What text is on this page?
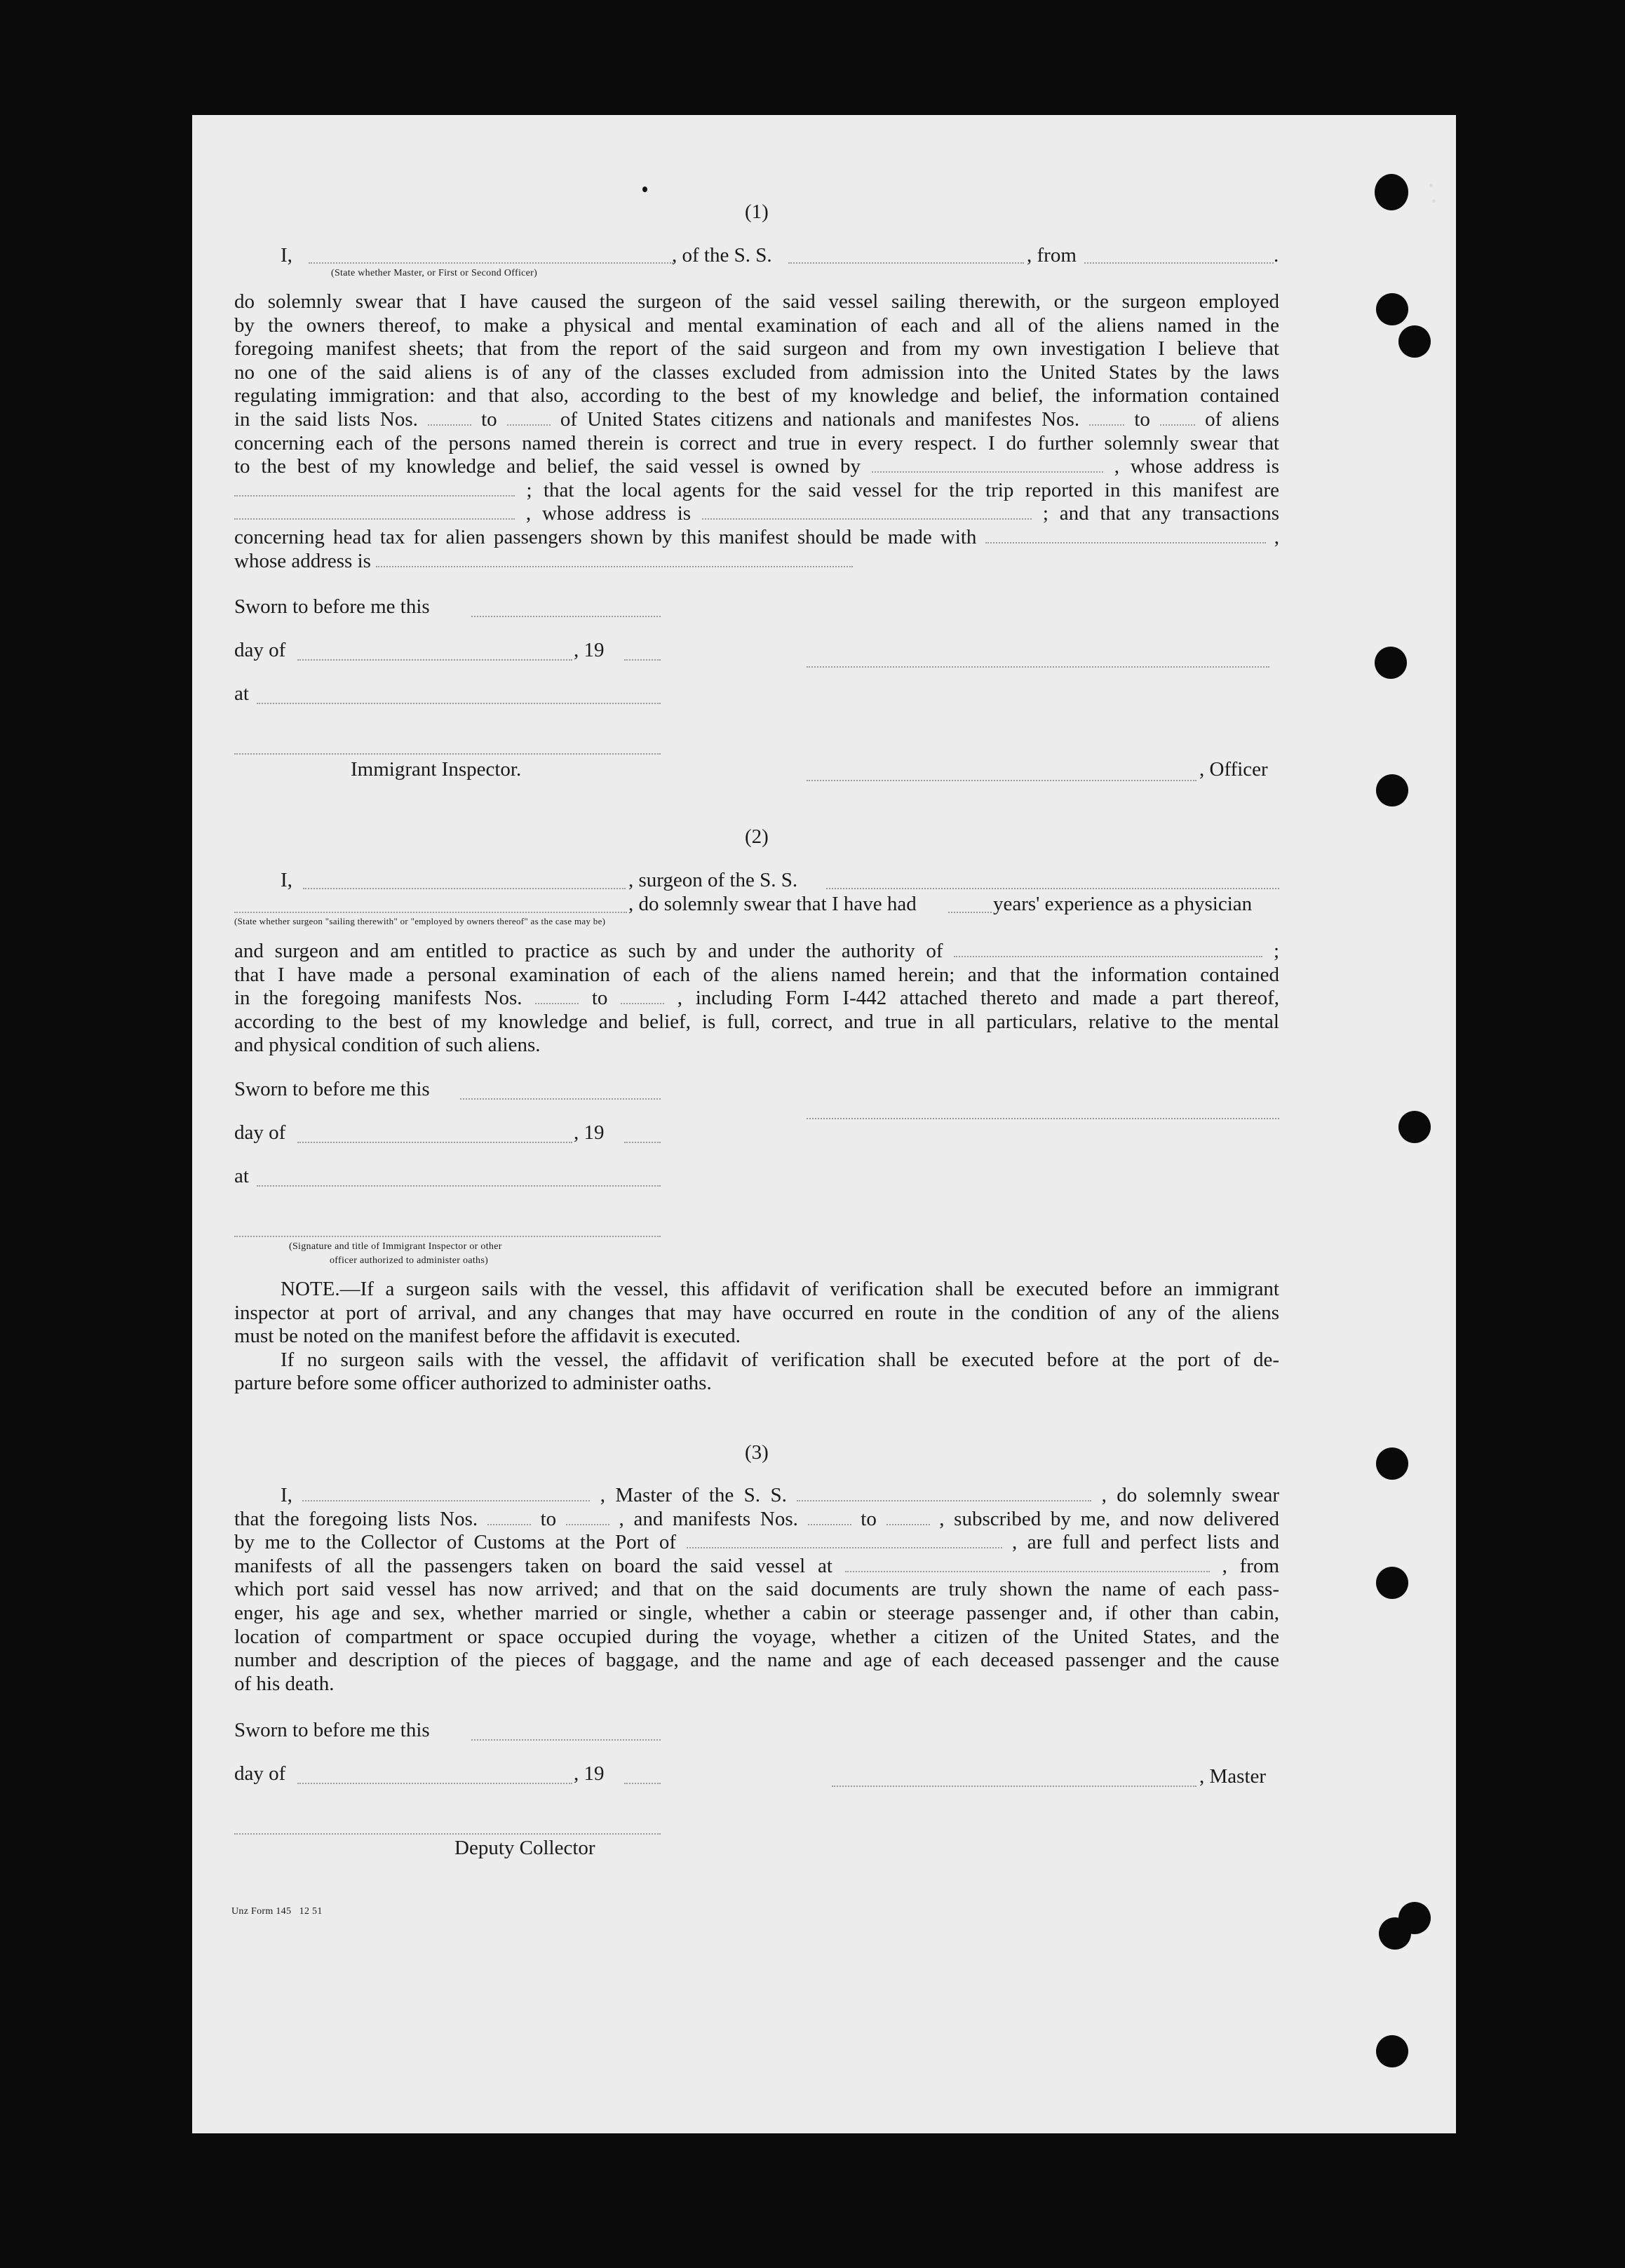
(1)
I,	, of the S. S.	, from	.
(State whether Master, or First or Second Officer)
do solemnly swear that I have caused the surgeon of the said vessel sailing therewith, or the surgeon employed
by the owners thereof, to make a physical and mental examination of each and all of the aliens named in the
foregoing manifest sheets; that from the report of the said surgeon and from my own investigation I believe that
no one of the said aliens is of any of the classes excluded from admission into the United States by the laws
regulating immigration: and that also, according to the best of my knowledge and belief, the information contained
in the said lists Nos.	to	of United States citizens and nationals and manifestes Nos.	to	of aliens
concerning each of the persons named therein is correct and true in every respect. I do further solemnly swear that
to the best of my knowledge and belief, the said vessel is owned by	, whose address is
; that the local agents for the said vessel for the trip reported in this manifest are
, whose address is	; and that any transactions
concerning head tax for alien passengers shown by this manifest should be made with	,
whose address is
Sworn to before me this
day of	, 19
at
Immigrant Inspector.	, Officer
(2)
I,	, surgeon of the S. S.
, do solemnly swear that I have had	years' experience as a physician
(State whether surgeon "sailing therewith" or "employed by owners thereof" as the case may be)
and surgeon and am entitled to practice as such by and under the authority of	;
that I have made a personal examination of each of the aliens named herein; and that the information contained
in the foregoing manifests Nos.	to	, including Form I-442 attached thereto and made a part thereof,
according to the best of my knowledge and belief, is full, correct, and true in all particulars, relative to the mental
and physical condition of such aliens.
Sworn to before me this
day of	, 19
at
(Signature and title of Immigrant Inspector or other
officer authorized to administer oaths)
NOTE.—If a surgeon sails with the vessel, this affidavit of verification shall be executed before an immigrant
inspector at port of arrival, and any changes that may have occurred en route in the condition of any of the aliens
must be noted on the manifest before the affidavit is executed.
If no surgeon sails with the vessel, the affidavit of verification shall be executed before at the port of de-
parture before some officer authorized to administer oaths.
(3)
I,	, Master of the S. S.	, do solemnly swear
that the foregoing lists Nos.	to	, and manifests Nos.	to	, subscribed by me, and now delivered
by me to the Collector of Customs at the Port of	, are full and perfect lists and
manifests of all the passengers taken on board the said vessel at	, from
which port said vessel has now arrived; and that on the said documents are truly shown the name of each pass-
enger, his age and sex, whether married or single, whether a cabin or steerage passenger and, if other than cabin,
location of compartment or space occupied during the voyage, whether a citizen of the United States, and the
number and description of the pieces of baggage, and the name and age of each deceased passenger and the cause
of his death.
Sworn to before me this
day of	, 19	, Master
Deputy Collector
Unz Form 145   12 51
